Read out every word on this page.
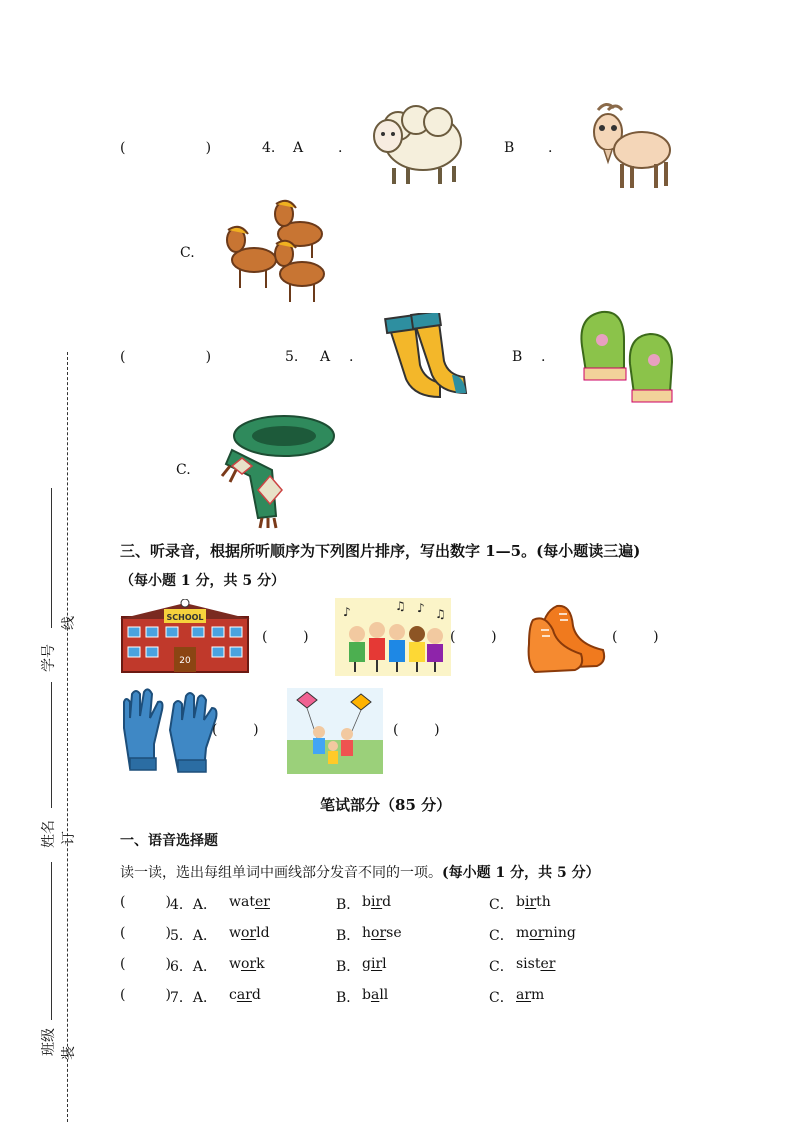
学号
姓名
班级
线
订
装
(                  )	4. A .	B .
C.
(                  )	5. A .	B .
C.
三、听录音，根据所听顺序为下列图片排序，写出数字 1—5。(每小题读三遍)
（每小题 1 分，共 5 分）
SCHOOL
20
(        )
♪	♫ ♪ ♫
(        )	(        )
(        )	(        )
笔试部分（85 分）
一、语音选择题
读一读，选出每组单词中画线部分发音不同的一项。(每小题 1 分，共 5 分）
(         ) 4．A． water	B． bird	C． birth
(         ) 5．A． world	B． horse	C． morning
(         ) 6．A． work	B． girl	C． sister
(         ) 7．A． card	B． ball	C． arm
